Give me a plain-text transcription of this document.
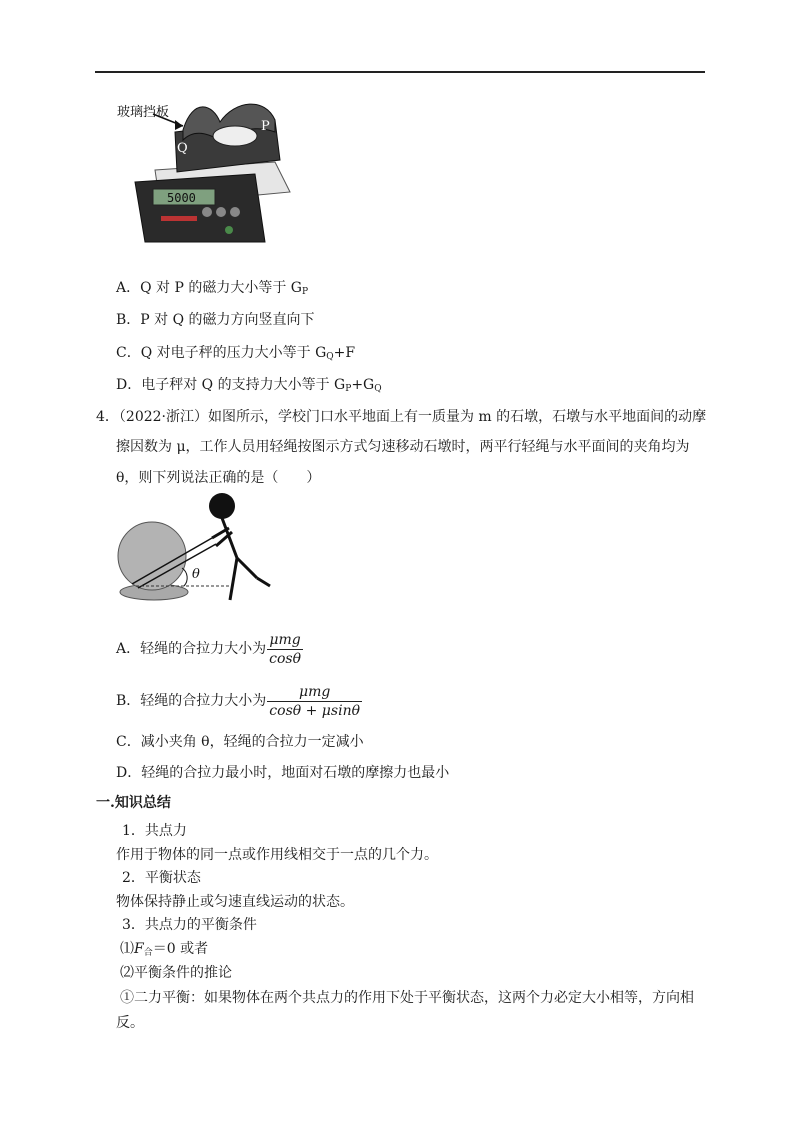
玻璃挡板
Q
P
5000
A．Q 对 P 的磁力大小等于 $G_P$
B．P 对 Q 的磁力方向竖直向下
C．Q 对电子秤的压力大小等于 $G_Q+F$
D．电子秤对 Q 的支持力大小等于 $G_P+G_Q$
4．（2022·浙江）如图所示，学校门口水平地面上有一质量为 m 的石墩，石墩与水平地面间的动摩
擦因数为 μ，工作人员用轻绳按图示方式匀速移动石墩时，两平行轻绳与水平面间的夹角均为
θ，则下列说法正确的是（　　）
θ
A．轻绳的合拉力大小为 $\frac{\text{μmg}}{\cos\theta}$
B．轻绳的合拉力大小为 $\frac{\text{μmg}}{\cos\theta + \mu\sin\theta}$
C．减小夹角 θ，轻绳的合拉力一定减小
D．轻绳的合拉力最小时，地面对石墩的摩擦力也最小
一.知识总结
1．共点力
作用于物体的同一点或作用线相交于一点的几个力。
2．平衡状态
物体保持静止或匀速直线运动的状态。
3．共点力的平衡条件
$⑴F_合=0$ 或者
⑵平衡条件的推论
①二力平衡：如果物体在两个共点力的作用下处于平衡状态，这两个力必定大小相等，方向相
反。
